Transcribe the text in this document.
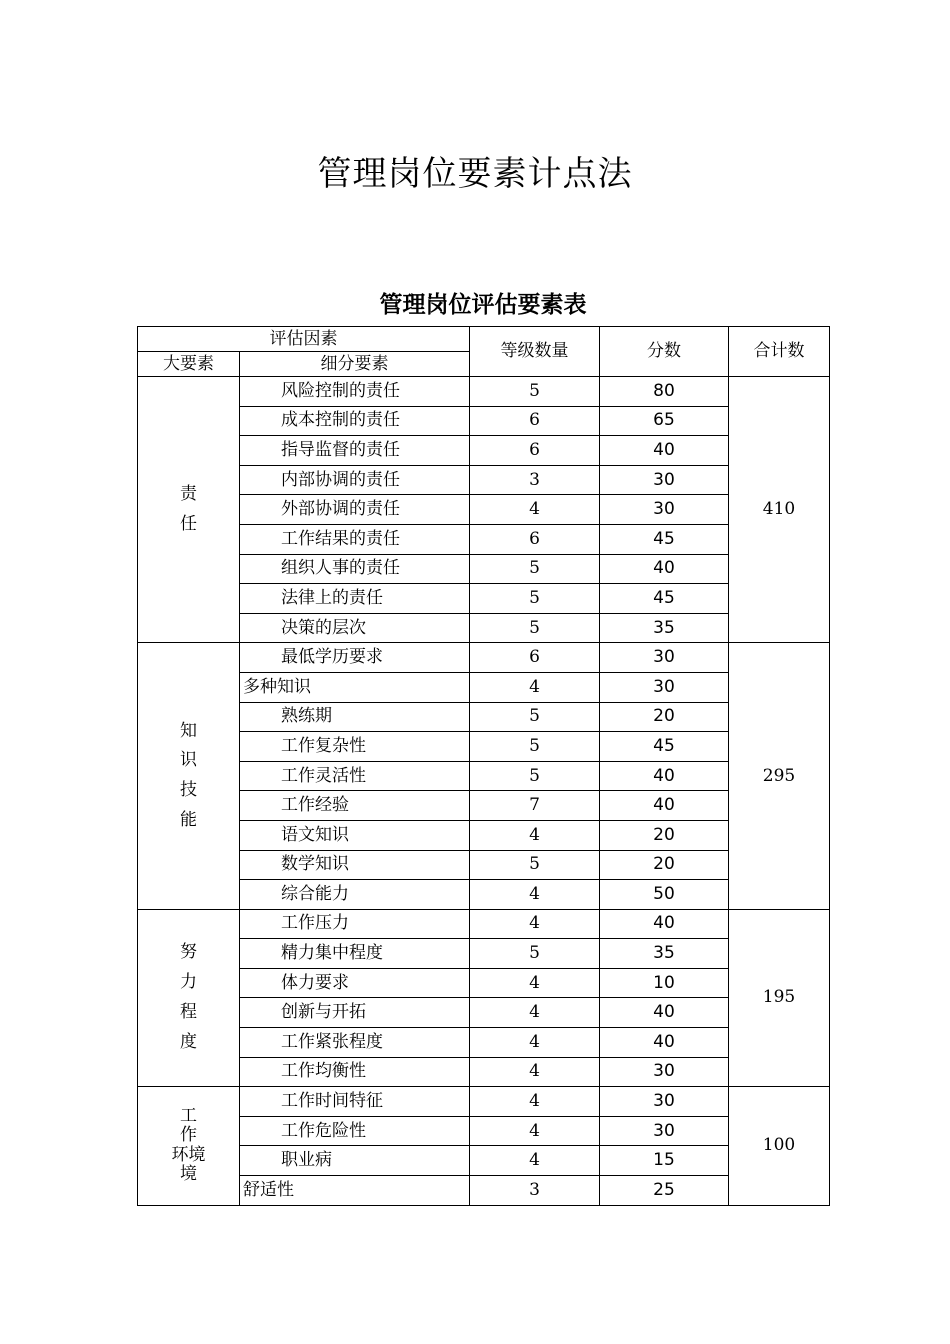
管理岗位要素计点法
管理岗位评估要素表
评估因素		等级数量	分数	合计数
大要素	细分要素			

责
任	风险控制的责任	5	80	410
	成本控制的责任	6	65	
	指导监督的责任	6	40	
	内部协调的责任	3	30	
	外部协调的责任	4	30	
	工作结果的责任	6	45	
	组织人事的责任	5	40	
	法律上的责任	5	45	
	决策的层次	5	35	

知
识
技
能	最低学历要求	6	30	295
	多种知识	4	30	
	熟练期	5	20	
	工作复杂性	5	45	
	工作灵活性	5	40	
	工作经验	7	40	
	语文知识	4	20	
	数学知识	5	20	
	综合能力	4	50	

努
力
程
度	工作压力	4	40	195
	精力集中程度	5	35	
	体力要求	4	10	
	创新与开拓	4	40	
	工作紧张程度	4	40	
	工作均衡性	4	30	

工
作
环境
境	工作时间特征	4	30	100
	工作危险性	4	30	
	职业病	4	15	
	舒适性	3	25	
